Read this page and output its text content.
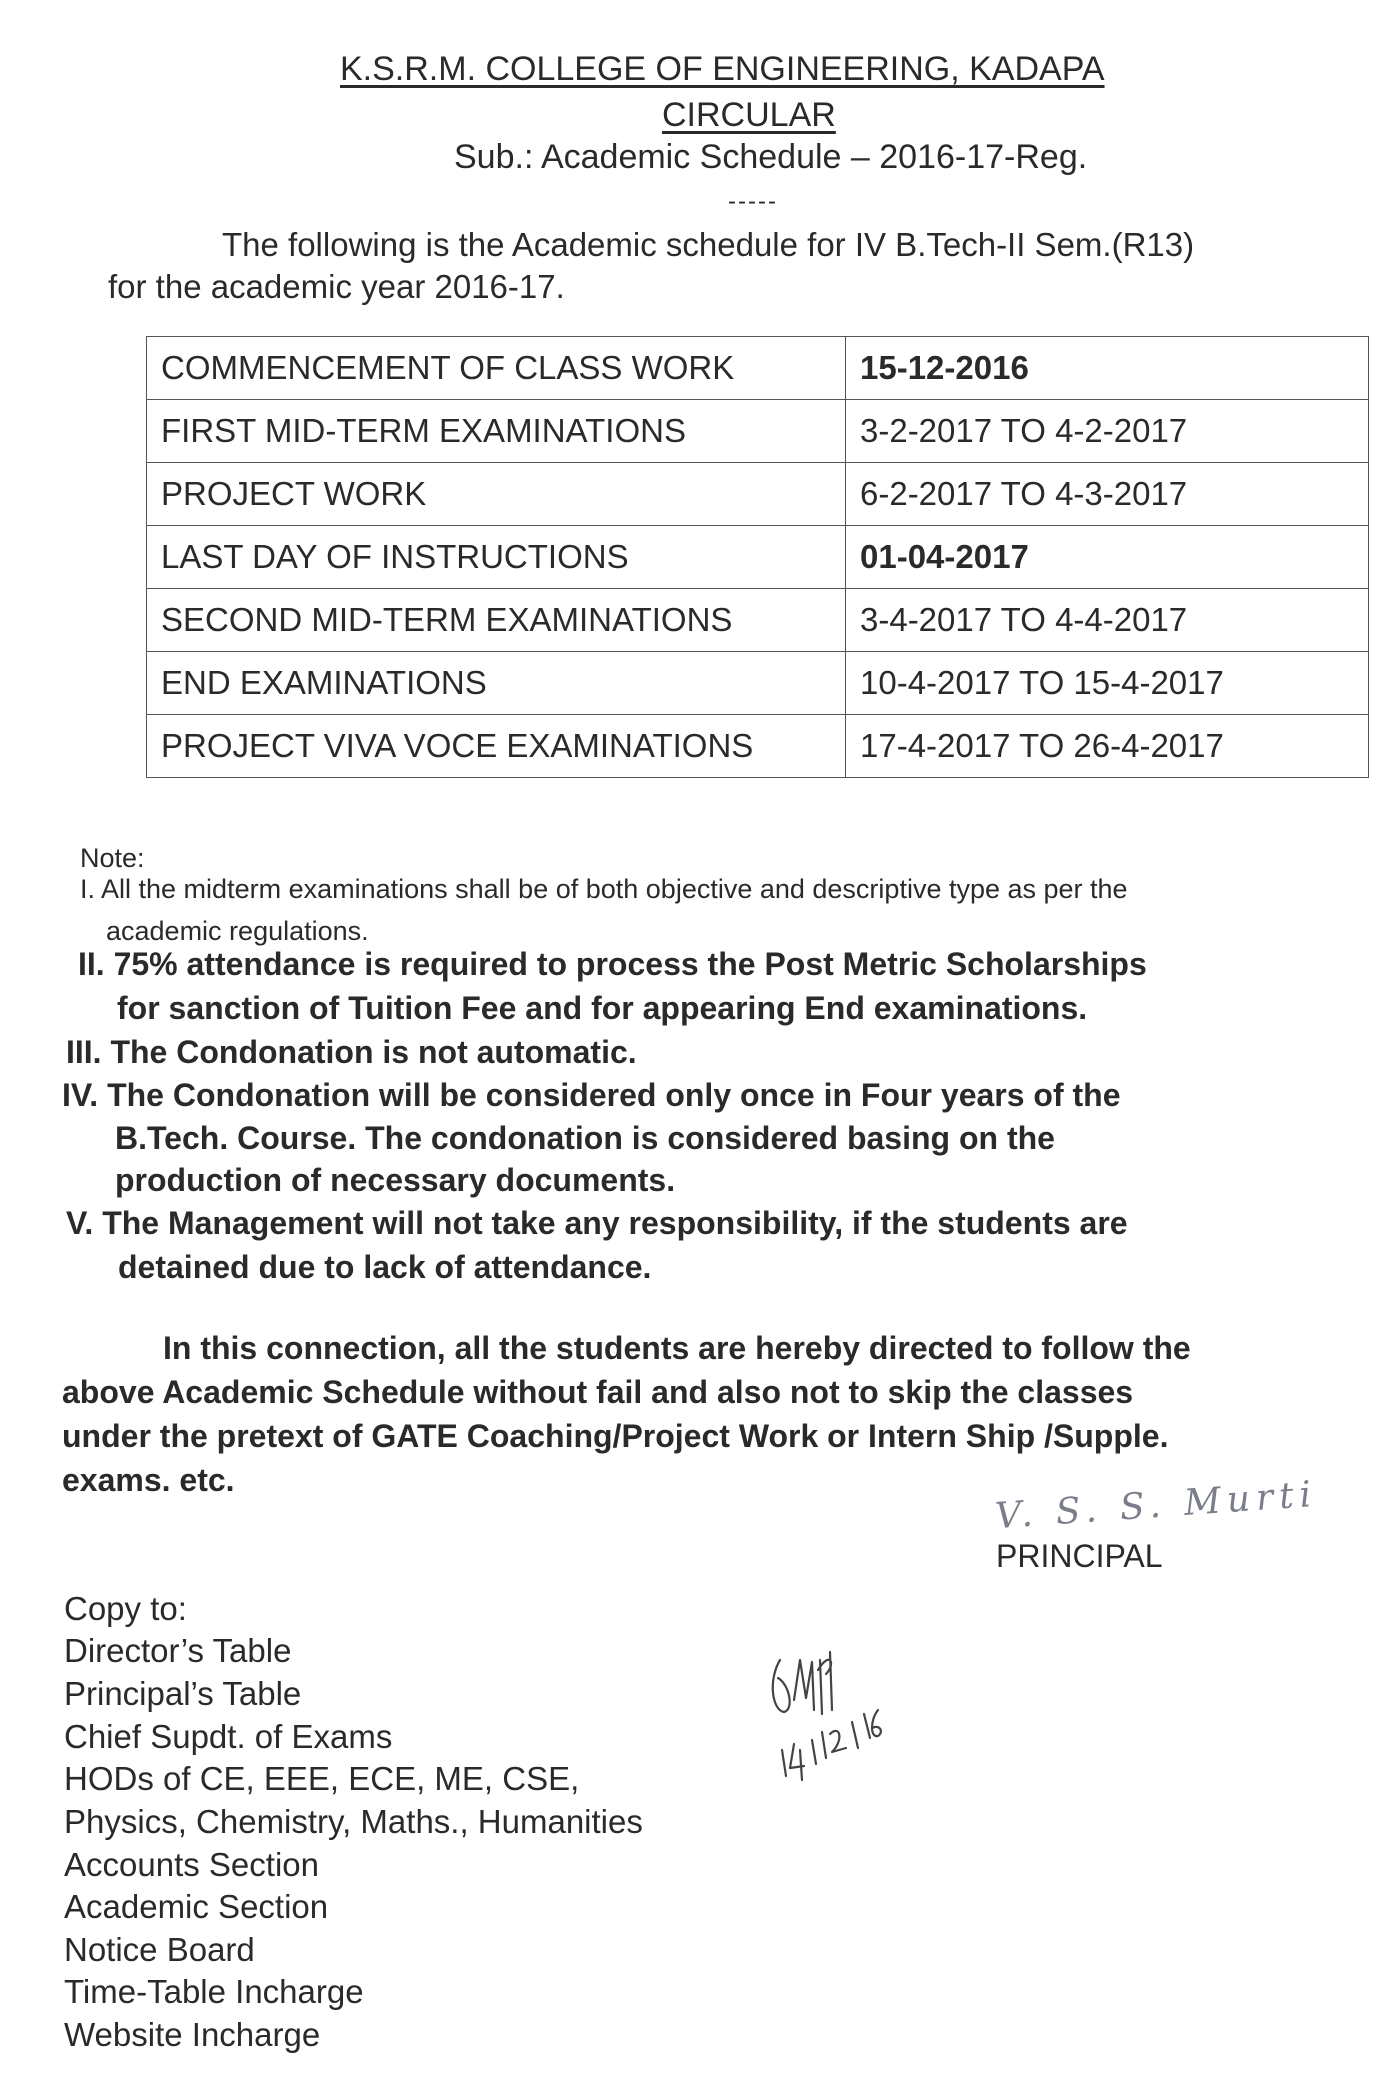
K.S.R.M. COLLEGE OF ENGINEERING, KADAPA
CIRCULAR
Sub.: Academic Schedule – 2016-17-Reg.
-----
The following is the Academic schedule for IV B.Tech-II Sem.(R13)
for the academic year 2016-17.
COMMENCEMENT OF CLASS WORK	15-12-2016
FIRST MID-TERM EXAMINATIONS	3-2-2017 TO 4-2-2017
PROJECT WORK	6-2-2017 TO 4-3-2017
LAST DAY OF INSTRUCTIONS	01-04-2017
SECOND MID-TERM EXAMINATIONS	3-4-2017 TO 4-4-2017
END EXAMINATIONS	10-4-2017 TO 15-4-2017
PROJECT VIVA VOCE EXAMINATIONS	17-4-2017 TO 26-4-2017
Note:
I. All the midterm examinations shall be of both objective and descriptive type as per the
academic regulations.
II. 75% attendance is required to process the Post Metric Scholarships
for sanction of Tuition Fee and for appearing End examinations.
III. The Condonation is not automatic.
IV. The Condonation will be considered only once in Four years of the
B.Tech. Course. The condonation is considered basing on the
production of necessary documents.
V. The Management will not take any responsibility, if the students are
detained due to lack of attendance.
In this connection, all the students are hereby directed to follow the
above Academic Schedule without fail and also not to skip the classes
under the pretext of GATE Coaching/Project Work or Intern Ship /Supple.
exams. etc.	V. S. S. Murti
PRINCIPAL
Copy to:
Director’s Table
Principal’s Table
Chief Supdt. of Exams
HODs of CE, EEE, ECE, ME, CSE,
Physics, Chemistry, Maths., Humanities
Accounts Section
Academic Section
Notice Board
Time-Table Incharge
Website Incharge
